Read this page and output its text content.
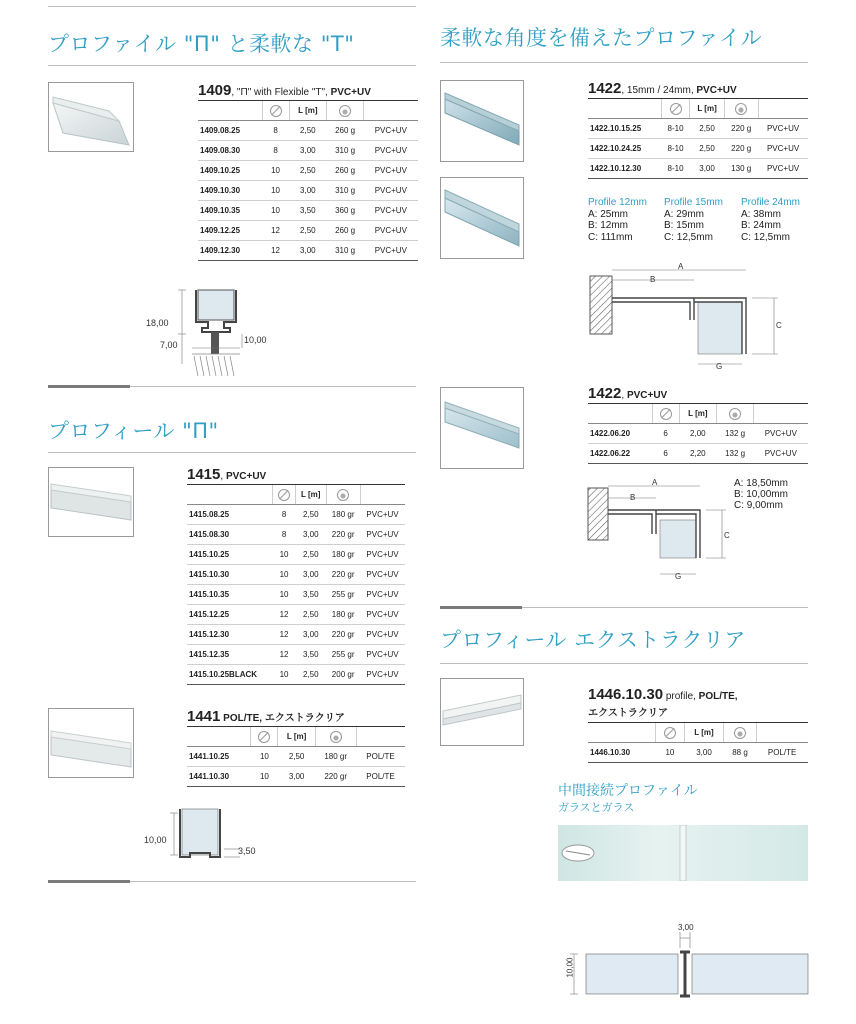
プロファイル "Π" と柔軟な "T"
1409, "Π" with Flexible "T", PVC+UV
		L [m]		
1409.08.25	8	2,50	260 g	PVC+UV
1409.08.30	8	3,00	310 g	PVC+UV
1409.10.25	10	2,50	260 g	PVC+UV
1409.10.30	10	3,00	310 g	PVC+UV
1409.10.35	10	3,50	360 g	PVC+UV
1409.12.25	12	2,50	260 g	PVC+UV
1409.12.30	12	3,00	310 g	PVC+UV
18,00
7,00	10,00
プロフィール "Π"
1415, PVC+UV
		L [m]		
1415.08.25	8	2,50	180 gr	PVC+UV
1415.08.30	8	3,00	220 gr	PVC+UV
1415.10.25	10	2,50	180 gr	PVC+UV
1415.10.30	10	3,00	220 gr	PVC+UV
1415.10.35	10	3,50	255 gr	PVC+UV
1415.12.25	12	2,50	180 gr	PVC+UV
1415.12.30	12	3,00	220 gr	PVC+UV
1415.12.35	12	3,50	255 gr	PVC+UV
1415.10.25BLACK	10	2,50	200 gr	PVC+UV
1441 POL/TE, エクストラクリア
		L [m]		
1441.10.25	10	2,50	180 gr	POL/TE
1441.10.30	10	3,00	220 gr	POL/TE
10,00
3,50
柔軟な角度を備えたプロファイル
1422, 15mm / 24mm, PVC+UV
		L [m]		
1422.10.15.25	8-10	2,50	220 g	PVC+UV
1422.10.24.25	8-10	2,50	220 g	PVC+UV
1422.10.12.30	8-10	3,00	130 g	PVC+UV
Profile 12mm
A: 25mm
B: 12mm
C: 111mm
Profile 15mm
A: 29mm
B: 15mm
C: 12,5mm
Profile 24mm
A: 38mm
B: 24mm
C: 12,5mm
A
B
C
G
1422, PVC+UV
		L [m]		
1422.06.20	6	2,00	132 g	PVC+UV
1422.06.22	6	2,20	132 g	PVC+UV
A
B
C
G
A: 18,50mm
B: 10,00mm
C: 9,00mm
プロフィール エクストラクリア
1446.10.30 profile, POL/TE,
エクストラクリア
		L [m]		
1446.10.30	10	3,00	88 g	POL/TE
中間接続プロファイル
ガラスとガラス
3,00
10,00
